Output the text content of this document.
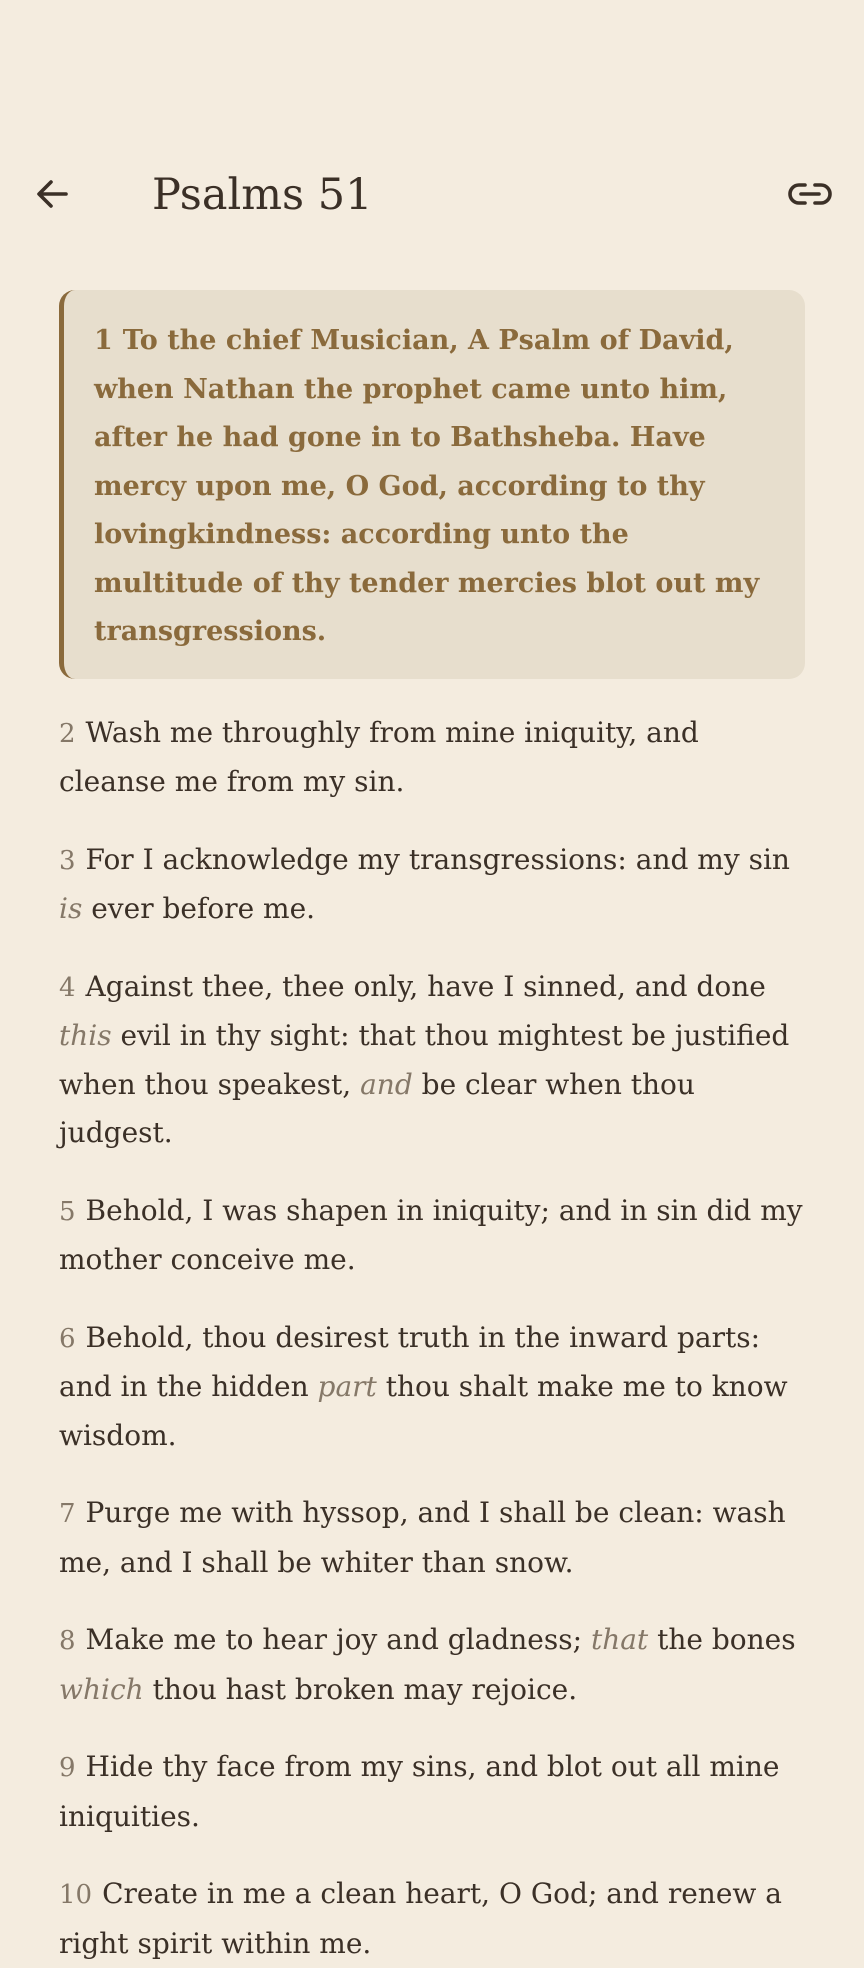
Psalms 51
1 To the chief Musician, A Psalm of David, when Nathan the prophet came unto him, after he had gone in to Bathsheba. Have mercy upon me, O God, according to thy lovingkindness: according unto the multitude of thy tender mercies blot out my transgressions.
2 Wash me throughly from mine iniquity, and cleanse me from my sin.
3 For I acknowledge my transgressions: and my sin is ever before me.
4 Against thee, thee only, have I sinned, and done this evil in thy sight: that thou mightest be justified when thou speakest, and be clear when thou judgest.
5 Behold, I was shapen in iniquity; and in sin did my mother conceive me.
6 Behold, thou desirest truth in the inward parts: and in the hidden part thou shalt make me to know wisdom.
7 Purge me with hyssop, and I shall be clean: wash me, and I shall be whiter than snow.
8 Make me to hear joy and gladness; that the bones which thou hast broken may rejoice.
9 Hide thy face from my sins, and blot out all mine iniquities.
10 Create in me a clean heart, O God; and renew a right spirit within me.
